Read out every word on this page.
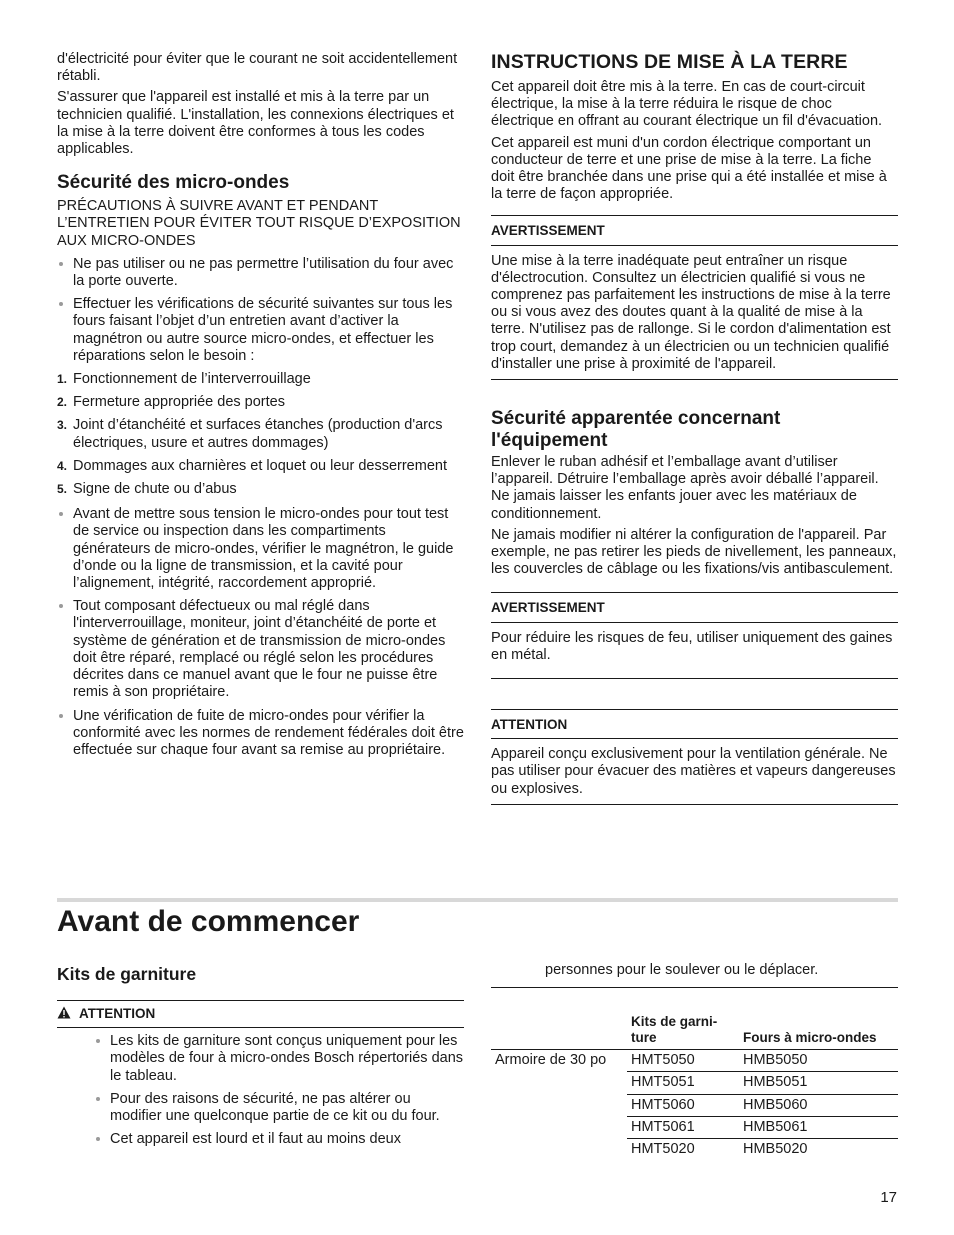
d'électricité pour éviter que le courant ne soit accidentellement rétabli.

S'assurer que l'appareil est installé et mis à la terre par un technicien qualifié. L'installation, les connexions électriques et la mise à la terre doivent être conformes à tous les codes applicables.

Sécurité des micro-ondes

PRÉCAUTIONS À SUIVRE AVANT ET PENDANT L’ENTRETIEN POUR ÉVITER TOUT RISQUE D’EXPOSITION AUX MICRO-ONDES

Ne pas utiliser ou ne pas permettre l’utilisation du four avec la porte ouverte.
Effectuer les vérifications de sécurité suivantes sur tous les fours faisant l’objet d’un entretien avant d’activer la magnétron ou autre source micro-ondes, et effectuer les réparations selon le besoin :
1. Fonctionnement de l’interverrouillage
2. Fermeture appropriée des portes
3. Joint d’étanchéité et surfaces étanches (production d'arcs électriques, usure et autres dommages)
4. Dommages aux charnières et loquet ou leur desserrement
5. Signe de chute ou d’abus
Avant de mettre sous tension le micro-ondes pour tout test de service ou inspection dans les compartiments générateurs de micro-ondes, vérifier le magnétron, le guide d’onde ou la ligne de transmission, et la cavité pour l’alignement, intégrité, raccordement approprié.
Tout composant défectueux ou mal réglé dans l'interverrouillage, moniteur, joint d’étanchéité de porte et système de génération et de transmission de micro-ondes doit être réparé, remplacé ou réglé selon les procédures décrites dans ce manuel avant que le four ne puisse être remis à son propriétaire.
Une vérification de fuite de micro-ondes pour vérifier la conformité avec les normes de rendement fédérales doit être effectuée sur chaque four avant sa remise au propriétaire.
INSTRUCTIONS DE MISE À LA TERRE

Cet appareil doit être mis à la terre. En cas de court-circuit électrique, la mise à la terre réduira le risque de choc électrique en offrant au courant électrique un fil d'évacuation.

Cet appareil est muni d'un cordon électrique comportant un conducteur de terre et une prise de mise à la terre. La fiche doit être branchée dans une prise qui a été installée et mise à la terre de façon appropriée.

AVERTISSEMENT
Une mise à la terre inadéquate peut entraîner un risque d'électrocution. Consultez un électricien qualifié si vous ne comprenez pas parfaitement les instructions de mise à la terre ou si vous avez des doutes quant à la qualité de mise à la terre. N'utilisez pas de rallonge. Si le cordon d'alimentation est trop court, demandez à un électricien ou un technicien qualifié d'installer une prise à proximité de l'appareil.
Sécurité apparentée concernant l'équipement

Enlever le ruban adhésif et l’emballage avant d’utiliser l’appareil. Détruire l’emballage après avoir déballé l’appareil. Ne jamais laisser les enfants jouer avec les matériaux de conditionnement.

Ne jamais modifier ni altérer la configuration de l'appareil. Par exemple, ne pas retirer les pieds de nivellement, les panneaux, les couvercles de câblage ou les fixations/vis antibasculement.

AVERTISSEMENT
Pour réduire les risques de feu, utiliser uniquement des gaines en métal.
ATTENTION
Appareil conçu exclusivement pour la ventilation générale. Ne pas utiliser pour évacuer des matières et vapeurs dangereuses ou explosives.
Avant de commencer
Kits de garniture
ATTENTION
Les kits de garniture sont conçus uniquement pour les modèles de four à micro-ondes Bosch répertoriés dans le tableau.
Pour des raisons de sécurité, ne pas altérer ou modifier une quelconque partie de ce kit ou du four.
Cet appareil est lourd et il faut au moins deux
personnes pour le soulever ou le déplacer.
	Kits de garni-
ture	Fours à micro-ondes
Armoire de 30 po	HMT5050	HMB5050
	HMT5051	HMB5051
	HMT5060	HMB5060
	HMT5061	HMB5061
	HMT5020	HMB5020
17
